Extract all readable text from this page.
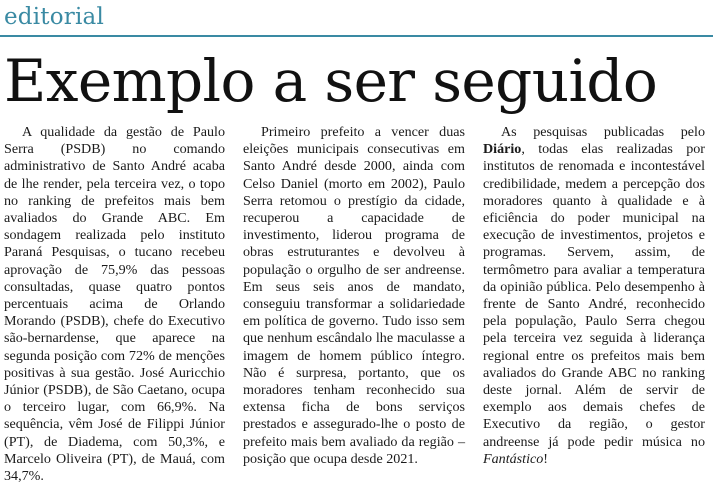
editorial
Exemplo a ser seguido

A qualidade da gestão de Paulo Serra (PSDB) no comando administrativo de Santo André acaba de lhe render, pela terceira vez, o topo no ranking de prefeitos mais bem avaliados do Grande ABC. Em sondagem realizada pelo instituto Paraná Pesquisas, o tucano recebeu aprovação de 75,9% das pessoas consultadas, quase quatro pontos percentuais acima de Orlando Morando (PSDB), chefe do Executivo são-bernardense, que aparece na segunda posição com 72% de menções positivas à sua gestão. José Auricchio Júnior (PSDB), de São Caetano, ocupa o terceiro lugar, com 66,9%. Na sequência, vêm José de Filippi Júnior (PT), de Diadema, com 50,3%, e Marcelo Oliveira (PT), de Mauá, com 34,7%.

Primeiro prefeito a vencer duas eleições municipais consecutivas em Santo André desde 2000, ainda com Celso Daniel (morto em 2002), Paulo Serra retomou o prestígio da cidade, recuperou a capacidade de investimento, liderou programa de obras estruturantes e devolveu à população o orgulho de ser andreense. Em seus seis anos de mandato, conseguiu transformar a solidariedade em política de governo. Tudo isso sem que nenhum escândalo lhe maculasse a imagem de homem público íntegro. Não é surpresa, portanto, que os moradores tenham reconhecido sua extensa ficha de bons serviços prestados e assegurado-lhe o posto de prefeito mais bem avaliado da região – posição que ocupa desde 2021.

As pesquisas publicadas pelo Diário, todas elas realizadas por institutos de renomada e incontestável credibilidade, medem a percepção dos moradores quanto à qualidade e à eficiência do poder municipal na execução de investimentos, projetos e programas. Servem, assim, de termômetro para avaliar a temperatura da opinião pública. Pelo desempenho à frente de Santo André, reconhecido pela população, Paulo Serra chegou pela terceira vez seguida à liderança regional entre os prefeitos mais bem avaliados do Grande ABC no ranking deste jornal. Além de servir de exemplo aos demais chefes de Executivo da região, o gestor andreense já pode pedir música no Fantástico!
